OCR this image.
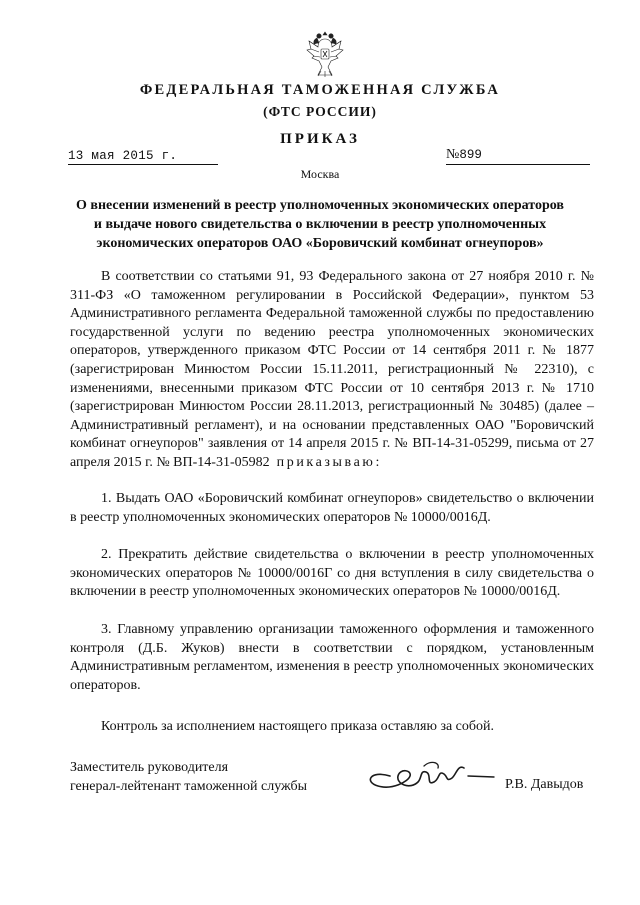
ФЕДЕРАЛЬНАЯ ТАМОЖЕННАЯ СЛУЖБА
(ФТС РОССИИ)
ПРИКАЗ
13 мая 2015 г.	№899
Москва
О внесении изменений в реестр уполномоченных экономических операторов
и выдаче нового свидетельства о включении в реестр уполномоченных
экономических операторов ОАО «Боровичский комбинат огнеупоров»

В соответствии со статьями 91, 93 Федерального закона от 27 ноября 2010 г. № 311-ФЗ «О таможенном регулировании в Российской Федерации», пунктом 53 Административного регламента Федеральной таможенной службы по предоставлению государственной услуги по ведению реестра уполномоченных экономических операторов, утвержденного приказом ФТС России от 14 сентября 2011 г. № 1877 (зарегистрирован Минюстом России 15.11.2011, регистрационный № 22310), с изменениями, внесенными приказом ФТС России от 10 сентября 2013 г. № 1710 (зарегистрирован Минюстом России 28.11.2013, регистрационный № 30485) (далее – Административный регламент), и на основании представленных ОАО "Боровичский комбинат огнеупоров" заявления от 14 апреля 2015 г. № ВП-14-31-05299, письма от 27 апреля 2015 г. № ВП-14-31-05982 приказываю:

1. Выдать ОАО «Боровичский комбинат огнеупоров» свидетельство о включении в реестр уполномоченных экономических операторов № 10000/0016Д.

2. Прекратить действие свидетельства о включении в реестр уполномоченных экономических операторов № 10000/0016Г со дня вступления в силу свидетельства о включении в реестр уполномоченных экономических операторов № 10000/0016Д.

3. Главному управлению организации таможенного оформления и таможенного контроля (Д.Б. Жуков) внести в соответствии с порядком, установленным Административным регламентом, изменения в реестр уполномоченных экономических операторов.

Контроль за исполнением настоящего приказа оставляю за собой.

Заместитель руководителя
генерал-лейтенант таможенной службы	Р.В. Давыдов
